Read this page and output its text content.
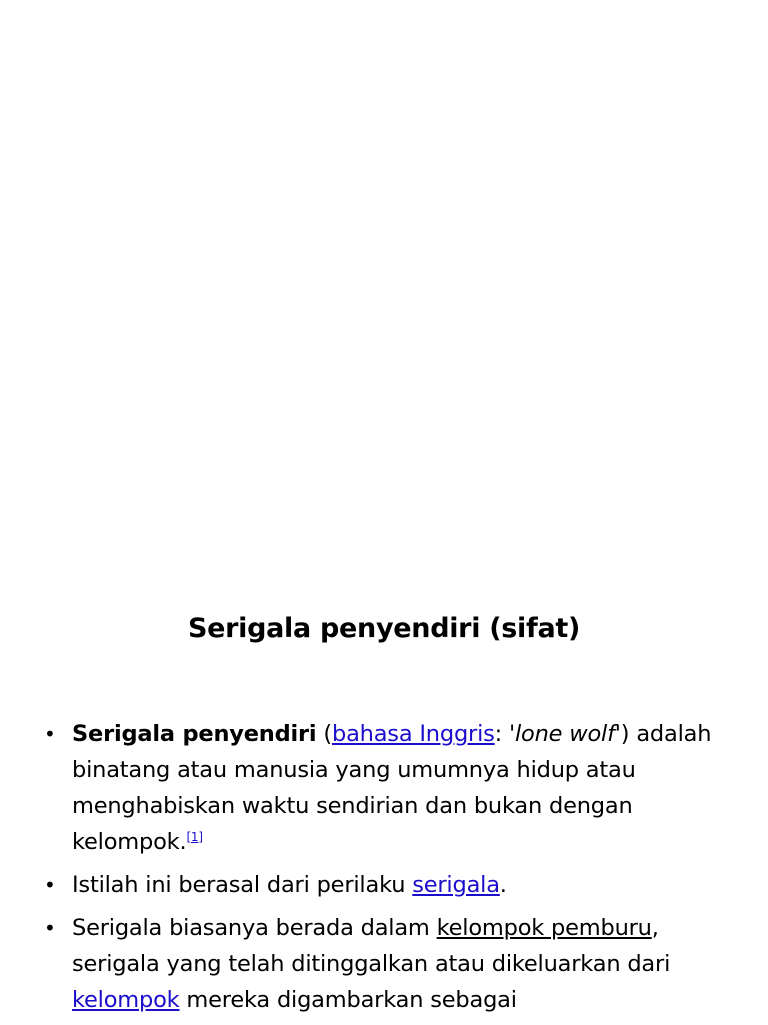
Serigala penyendiri (sifat)
• Serigala penyendiri (bahasa Inggris: 'lone wolf') adalah binatang atau manusia yang umumnya hidup atau menghabiskan waktu sendirian dan bukan dengan kelompok.[1]
• Istilah ini berasal dari perilaku serigala.
• Serigala biasanya berada dalam kelompok pemburu, serigala yang telah ditinggalkan atau dikeluarkan dari kelompok mereka digambarkan sebagai
